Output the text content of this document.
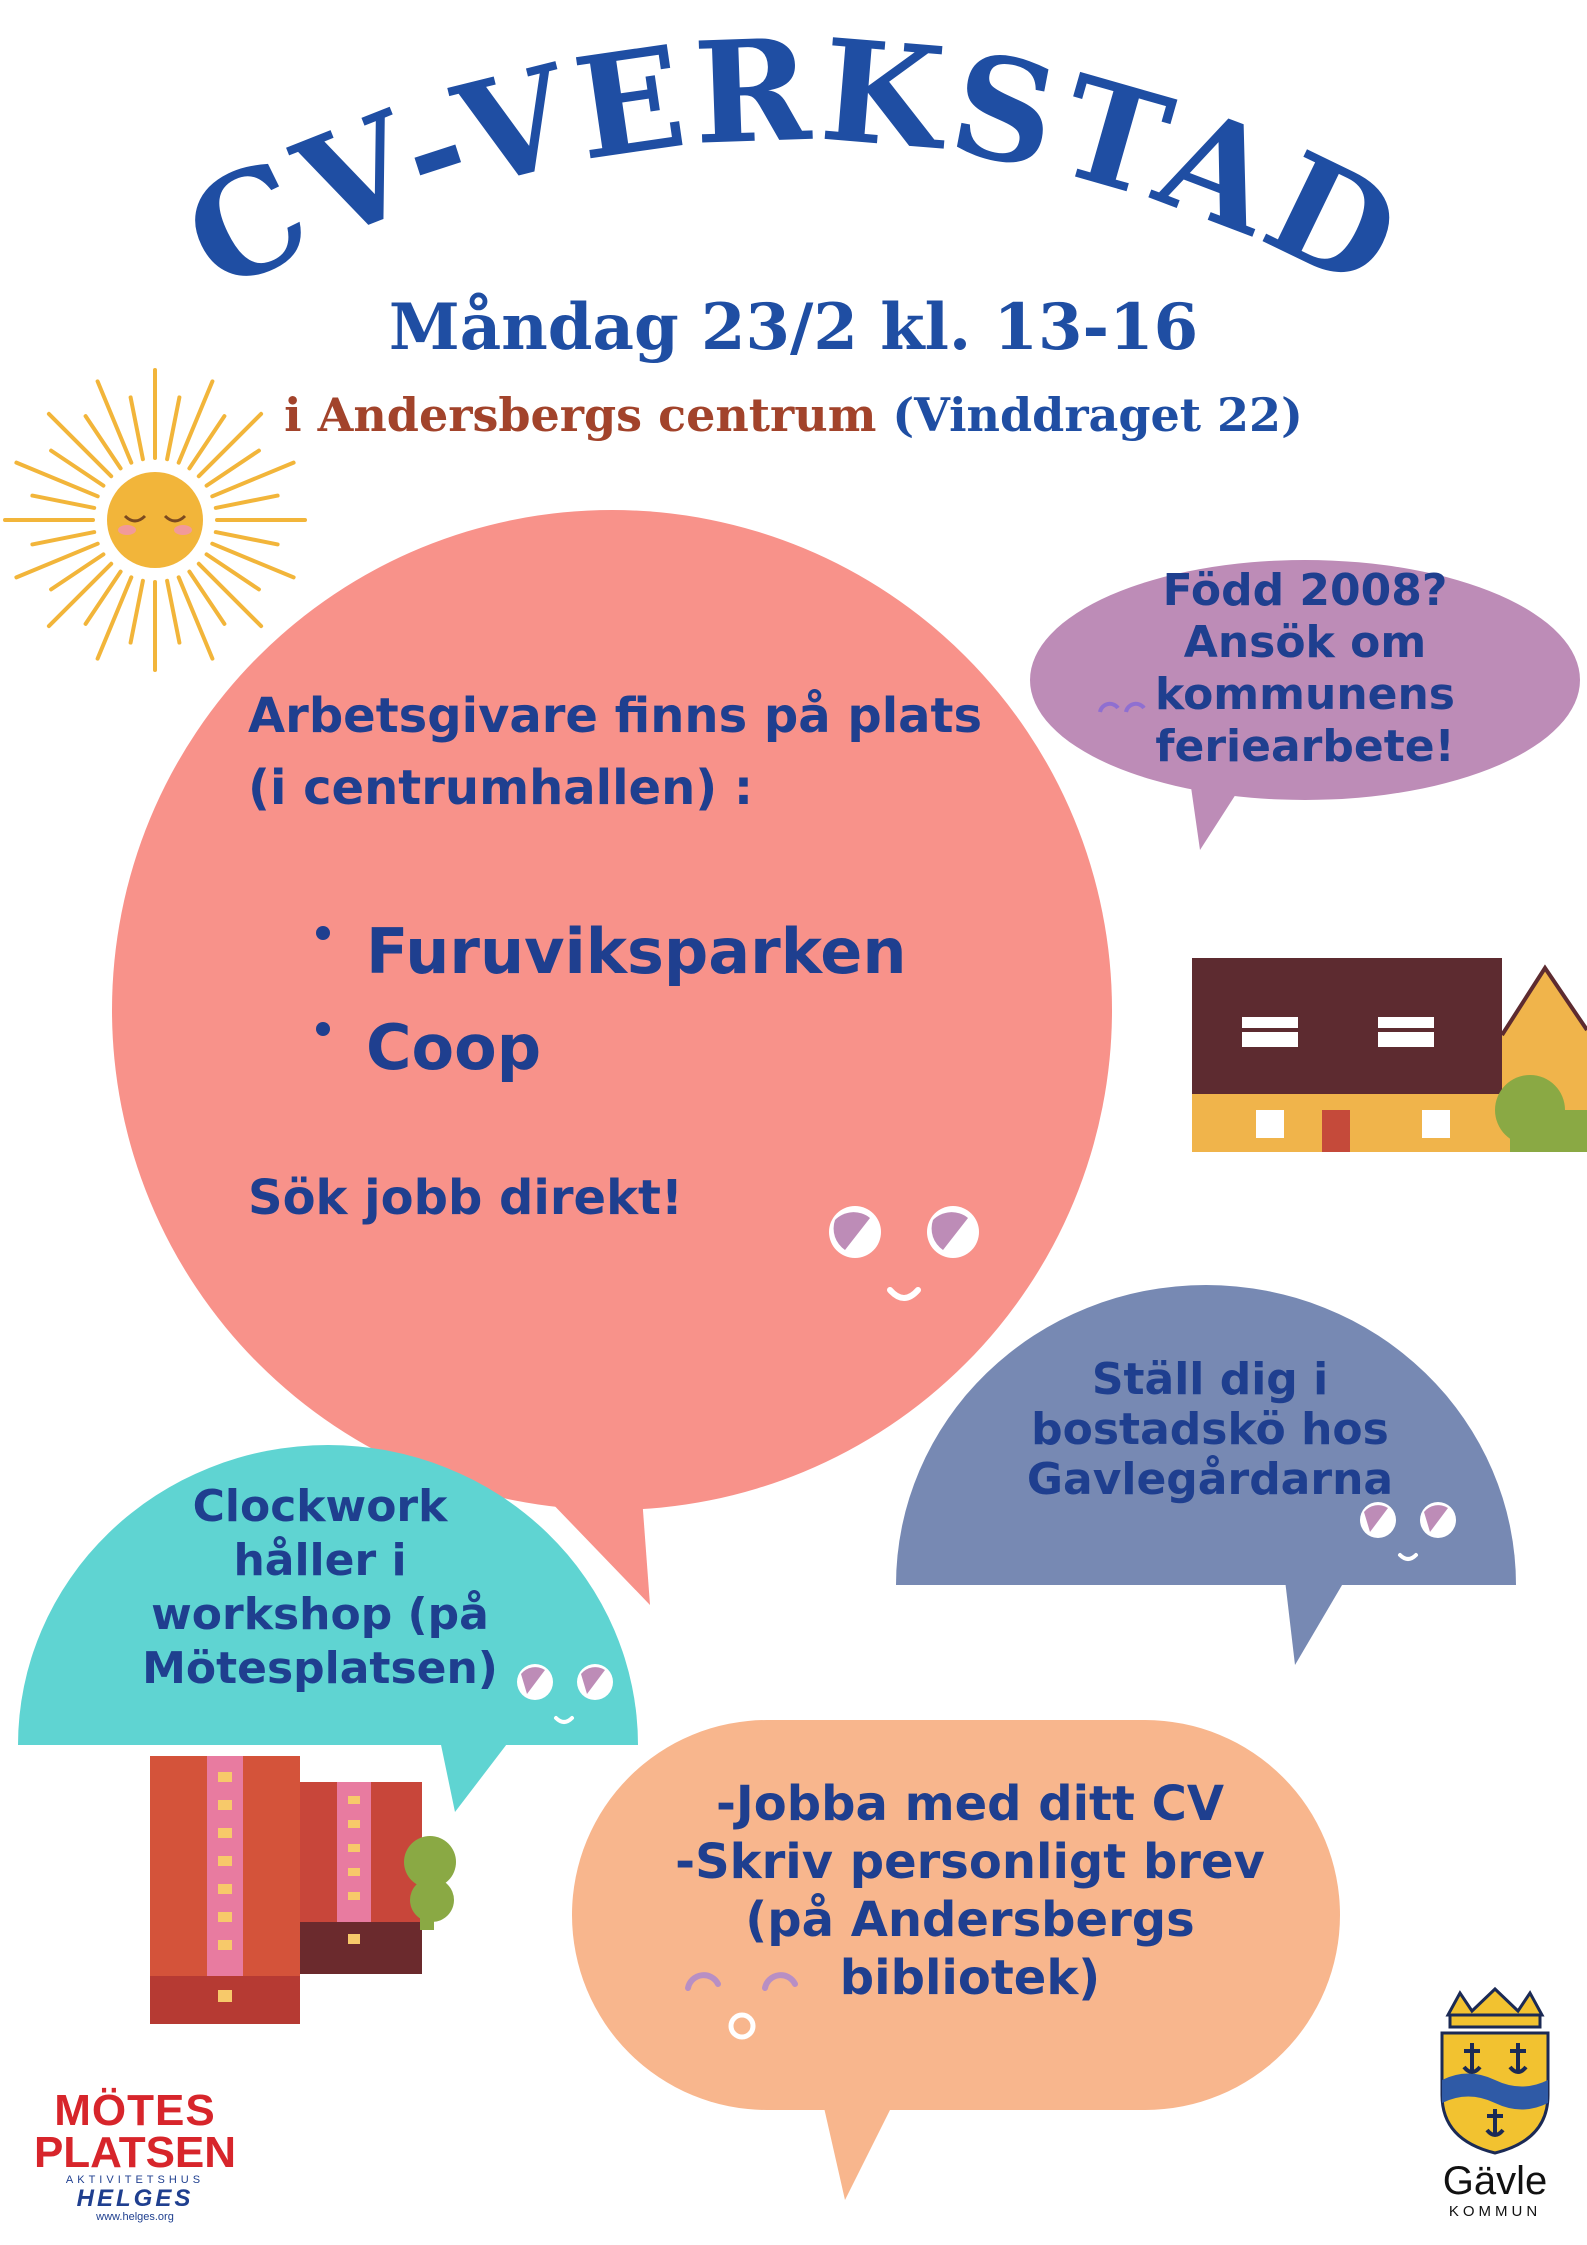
CV-VERKSTAD
Måndag 23/2 kl. 13-16
i Andersbergs centrum (Vinddraget 22)
Arbetsgivare finns på plats (i centrumhallen) :
Furuviksparken
Coop
Sök jobb direkt!
Född 2008?
Ansök om
kommunens
feriearbete!
Ställ dig i
bostadskö hos
Gavlegårdarna
Clockwork
håller i
workshop (på
Mötesplatsen)
-Jobba med ditt CV
-Skriv personligt brev
(på Andersbergs
bibliotek)
MÖTES
PLATSEN
AKTIVITETSHUS
HELGES
www.helges.org
Gävle
KOMMUN
